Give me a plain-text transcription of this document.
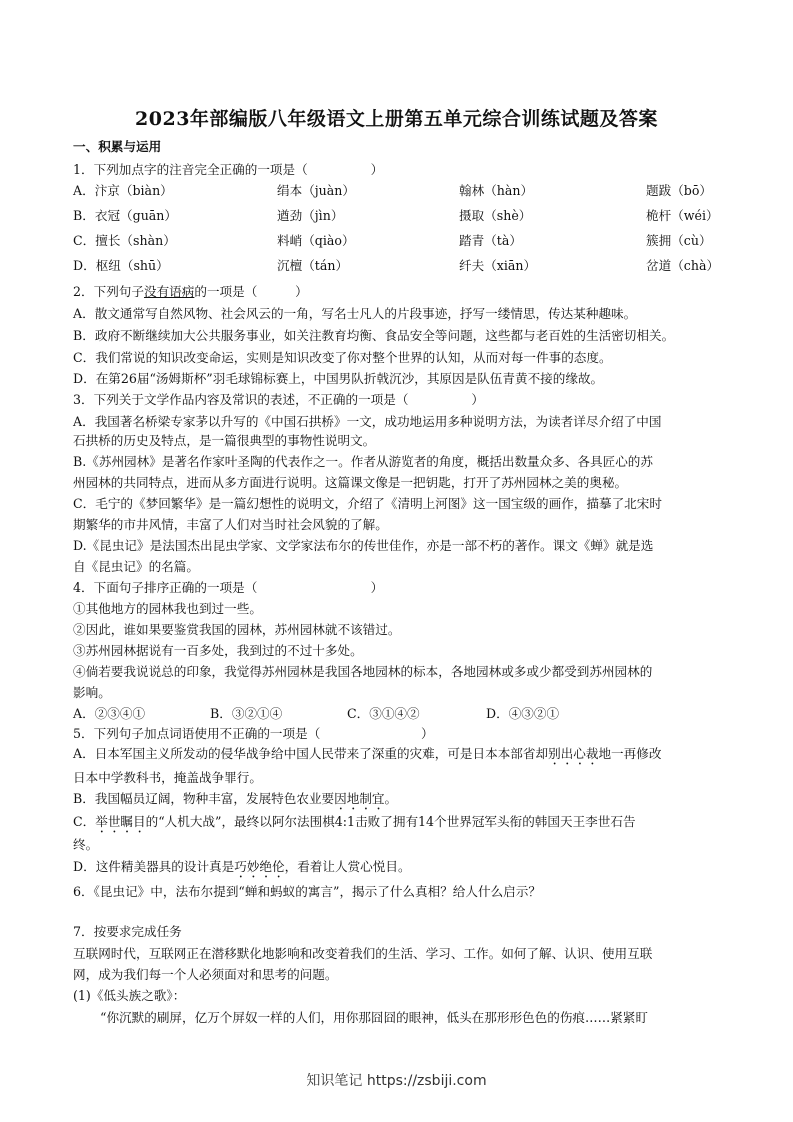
2023年部编版八年级语文上册第五单元综合训练试题及答案
一、积累与运用
1．下列加点字的注音完全正确的一项是（　　　　　）
A．汴京（biàn）	绢本（juàn）	翰林（hàn）	题跋（bō）
B．衣冠（guān）	遒劲（jìn）	摄取（shè）	桅杆（wéi）
C．擅长（shàn）	料峭（qiào）	踏青（tà）	簇拥（cù）
D．枢纽（shū）	沉檀（tán）	纤夫（xiān）	岔道（chà）
2．下列句子没有语病的一项是（　　　）
A．散文通常写自然风物、社会风云的一角，写名士凡人的片段事迹，抒写一缕情思，传达某种趣味。
B．政府不断继续加大公共服务事业，如关注教育均衡、食品安全等问题，这些都与老百姓的生活密切相关。
C．我们常说的知识改变命运，实则是知识改变了你对整个世界的认知，从而对每一件事的态度。
D．在第26届“汤姆斯杯”羽毛球锦标赛上，中国男队折戟沉沙，其原因是队伍青黄不接的缘故。
3．下列关于文学作品内容及常识的表述，不正确的一项是（　　　　　）
A．我国著名桥梁专家茅以升写的《中国石拱桥》一文，成功地运用多种说明方法，为读者详尽介绍了中国
石拱桥的历史及特点，是一篇很典型的事物性说明文。
B.《苏州园林》是著名作家叶圣陶的代表作之一。作者从游览者的角度，概括出数量众多、各具匠心的苏
州园林的共同特点，进而从多方面进行说明。这篇课文像是一把钥匙，打开了苏州园林之美的奥秘。
C．毛宁的《梦回繁华》是一篇幻想性的说明文，介绍了《清明上河图》这一国宝级的画作，描摹了北宋时
期繁华的市井风情，丰富了人们对当时社会风貌的了解。
D.《昆虫记》是法国杰出昆虫学家、文学家法布尔的传世佳作，亦是一部不朽的著作。课文《蝉》就是选
自《昆虫记》的名篇。
4．下面句子排序正确的一项是（　　　　　　　　　）
①其他地方的园林我也到过一些。
②因此，谁如果要鉴赏我国的园林，苏州园林就不该错过。
③苏州园林据说有一百多处，我到过的不过十多处。
④倘若要我说说总的印象，我觉得苏州园林是我国各地园林的标本，各地园林或多或少都受到苏州园林的
影响。
A．②③④①	B．③②①④	C．③①④②	D．④③②①
5．下列句子加点词语使用不正确的一项是（　　　　　　　　）
A．日本军国主义所发动的侵华战争给中国人民带来了深重的灾难，可是日本本部省却别出心裁地一再修改
日本中学教科书，掩盖战争罪行。
B．我国幅员辽阔，物种丰富，发展特色农业要因地制宜。
C．举世瞩目的“人机大战”，最终以阿尔法围棋4:1击败了拥有14个世界冠军头衔的韩国天王李世石告
终。
D．这件精美器具的设计真是巧妙绝伦，看着让人赏心悦目。
6．《昆虫记》中，法布尔提到“蝉和蚂蚁的寓言”，揭示了什么真相？给人什么启示？
7．按要求完成任务
互联网时代，互联网正在潜移默化地影响和改变着我们的生活、学习、工作。如何了解、认识、使用互联
网，成为我们每一个人必须面对和思考的问题。
(1)《低头族之歌》：
“你沉默的刷屏，亿万个屏奴一样的人们，用你那囧囧的眼神，低头在那形形色色的伤痕……紧紧盯
知识笔记 https://zsbiji.com
